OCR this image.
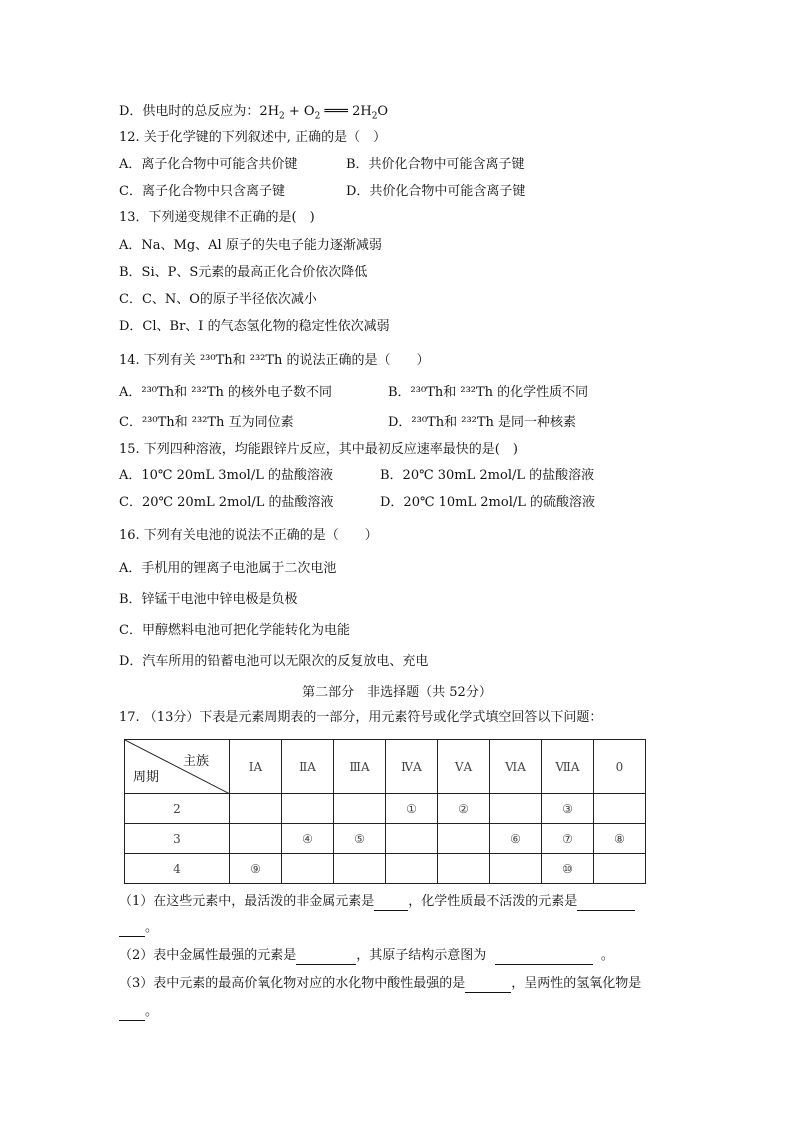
D．供电时的总反应为：$2H_2 + O_2$ ═══ $2H_2O$
12. 关于化学键的下列叙述中, 正确的是（　）
A．离子化合物中可能含共价键	B．共价化合物中可能含离子键
C．离子化合物中只含离子键	D．共价化合物中可能含离子键
13．下列递变规律不正确的是(　)
A．Na、Mg、Al 原子的失电子能力逐渐减弱
B．Si、P、S元素的最高正化合价依次降低
C．C、N、O的原子半径依次减小
D．Cl、Br、I 的气态氢化物的稳定性依次减弱
14. 下列有关 ²³⁰Th和 ²³²Th 的说法正确的是（　　）
A．²³⁰Th和 ²³²Th 的核外电子数不同	B．²³⁰Th和 ²³²Th 的化学性质不同
C．²³⁰Th和 ²³²Th 互为同位素	D．²³⁰Th和 ²³²Th 是同一种核素
15. 下列四种溶液，均能跟锌片反应，其中最初反应速率最快的是(　)
A．10℃ 20mL 3mol/L 的盐酸溶液	B．20℃ 30mL 2mol/L 的盐酸溶液
C．20℃ 20mL 2mol/L 的盐酸溶液	D．20℃ 10mL 2mol/L 的硫酸溶液
16. 下列有关电池的说法不正确的是（　　）
A．手机用的锂离子电池属于二次电池
B．锌锰干电池中锌电极是负极
C．甲醇燃料电池可把化学能转化为电能
D．汽车所用的铅蓄电池可以无限次的反复放电、充电
第二部分　非选择题（共 52分）
17. （13分）下表是元素周期表的一部分，用元素符号或化学式填空回答以下问题：
主族
周期	ⅠA	ⅡA	ⅢA	ⅣA	ⅤA	ⅥA	ⅦA	0
2				①	②		③	
3		④	⑤			⑥	⑦	⑧
4	⑨						⑩	
（1）在这些元素中，最活泼的非金属元素是	，化学性质最不活泼的元素是
。
（2）表中金属性最强的元素是	，其原子结构示意图为	。
（3）表中元素的最高价氧化物对应的水化物中酸性最强的是	，呈两性的氢氧化物是
。
